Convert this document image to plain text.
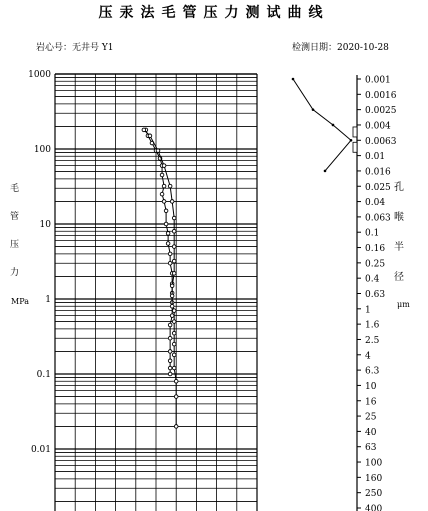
压汞法毛管压力测试曲线
岩心号：无井号 Y1	检测日期：2020-10-28
毛
管
压
力
MPa
孔
喉
半
径
μm
1000
100
10
1
0.1
0.01
0.001
0.0016
0.0025
0.004
0.0063
0.01
0.016
0.025
0.04
0.063
0.1
0.16
0.25
0.4
0.63
1
1.6
2.5
4
6.3
10
16
25
40
63
100
160
250
400
